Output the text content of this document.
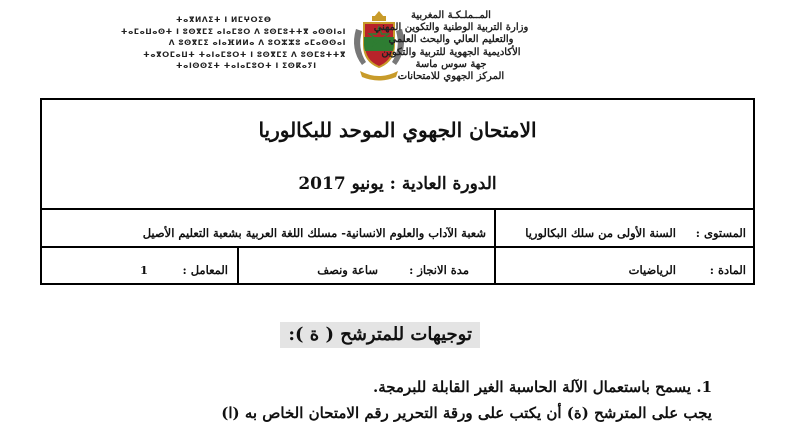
ⵜⴰⴳⵍⴷⵉⵜ ⵏ ⵍⵎⵖⵔⵉⴱ
ⵜⴰⵎⴰⵡⴰⵙⵜ ⵏ ⵓⵙⴳⵎⵉ ⴰⵏⴰⵎⵓⵔ ⴷ ⵓⵙⵎⵓⵜⵜⴳ ⴰⵙⵙⵏⴰⵏ
ⴷ ⵓⵙⴳⵎⵉ ⴰⵏⴰⴼⵍⵍⴰ ⴷ ⵓⵔⵣⵣⵓ ⴰⵎⴰⵙⵙⴰⵏ
ⵜⴰⴳⵔⵎⴰⵡⵜ ⵜⴰⵏⴰⵎⵓⵔⵜ ⵏ ⵓⵙⴳⵎⵉ ⴷ ⵓⵙⵎⵓⵜⵜⴳ
ⵜⴰⵏⵙⵙⵉⵜ ⵜⴰⵏⴰⵎⵓⵔⵜ ⵏ ⵉⵙⴽⴰⵢⵏ
المــملـكـة المغربية
وزارة التربية الوطنية والتكوين المهني
والتعليم العالي والبحث العلمي
الأكاديمية الجهوية للتربية والتكوين
جهة سوس ماسة
المركز الجهوي للامتحانات
الامتحان الجهوي الموحد للبكالوريا
الدورة العادية : يونيو 2017
المستوى :
السنة الأولى من سلك البكالوريا
شعبة الآداب والعلوم الانسانية- مسلك اللغة العربية بشعبة التعليم الأصيل
المادة :
الرياضيات
مدة الانجاز :
ساعة ونصف
المعامل :
1
توجيهات للمترشح ( ة ):
1. يسمح باستعمال الآلة الحاسبة الغير القابلة للبرمجة.
يجب على المترشح (ة) أن يكتب على ورقة التحرير رقم الامتحان الخاص به (ا)
